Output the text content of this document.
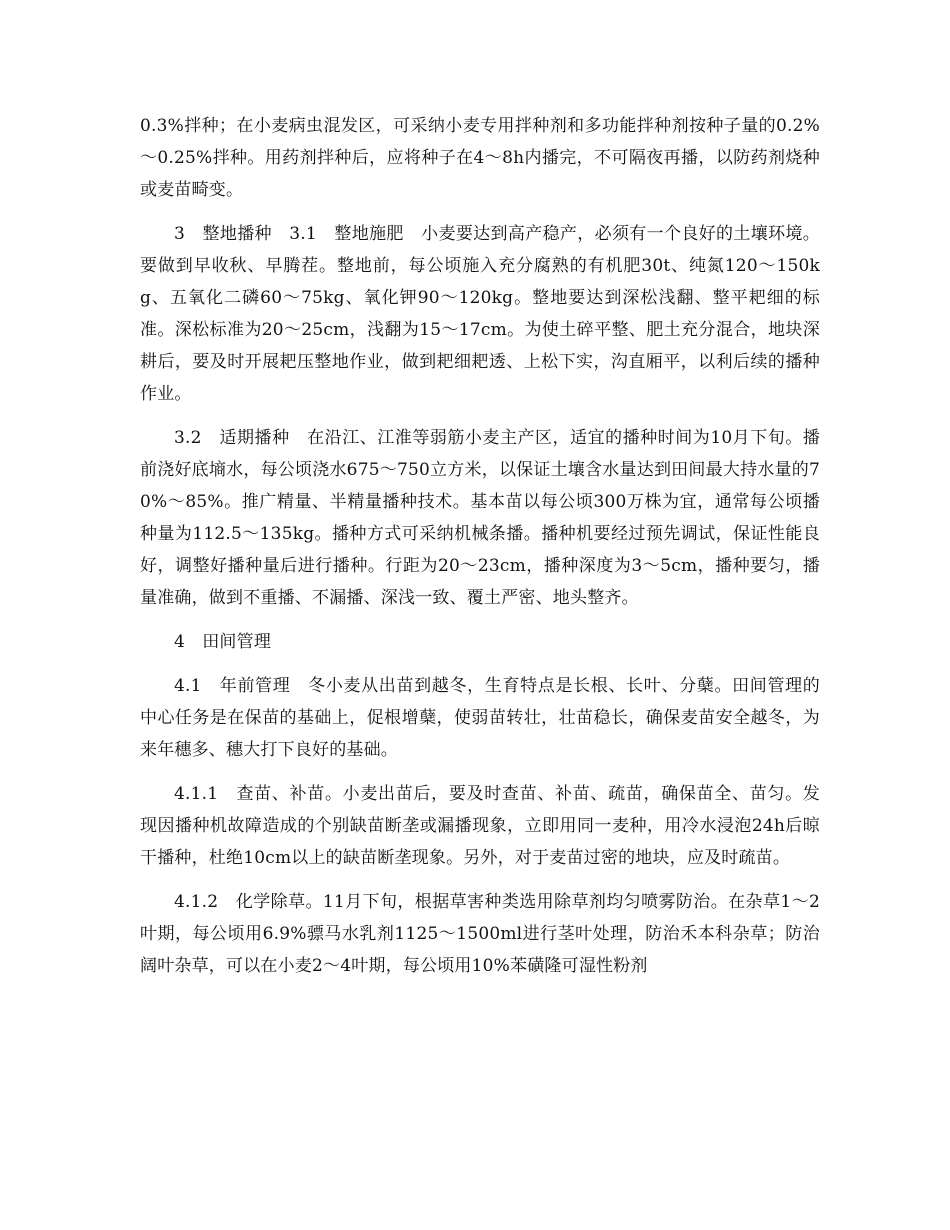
0.3%拌种；在小麦病虫混发区，可采纳小麦专用拌种剂和多功能拌种剂按种子量的0.2%～0.25%拌种。用药剂拌种后，应将种子在4～8h内播完，不可隔夜再播，以防药剂烧种或麦苗畸变。

3　整地播种　3.1　整地施肥　小麦要达到高产稳产，必须有一个良好的土壤环境。要做到早收秋、早腾茬。整地前，每公顷施入充分腐熟的有机肥30t、纯氮120～150kg、五氧化二磷60～75kg、氧化钾90～120kg。整地要达到深松浅翻、整平耙细的标准。深松标准为20～25cm，浅翻为15～17cm。为使土碎平整、肥土充分混合，地块深耕后，要及时开展耙压整地作业，做到耙细耙透、上松下实，沟直厢平，以利后续的播种作业。

3.2　适期播种　在沿江、江淮等弱筋小麦主产区，适宜的播种时间为10月下旬。播前浇好底墒水，每公顷浇水675～750立方米，以保证土壤含水量达到田间最大持水量的70%～85%。推广精量、半精量播种技术。基本苗以每公顷300万株为宜，通常每公顷播种量为112.5～135kg。播种方式可采纳机械条播。播种机要经过预先调试，保证性能良好，调整好播种量后进行播种。行距为20～23cm，播种深度为3～5cm，播种要匀，播量准确，做到不重播、不漏播、深浅一致、覆土严密、地头整齐。

4　田间管理

4.1　年前管理　冬小麦从出苗到越冬，生育特点是长根、长叶、分蘖。田间管理的中心任务是在保苗的基础上，促根增蘖，使弱苗转壮，壮苗稳长，确保麦苗安全越冬，为来年穗多、穗大打下良好的基础。

4.1.1　查苗、补苗。小麦出苗后，要及时查苗、补苗、疏苗，确保苗全、苗匀。发现因播种机故障造成的个别缺苗断垄或漏播现象，立即用同一麦种，用冷水浸泡24h后晾干播种，杜绝10cm以上的缺苗断垄现象。另外，对于麦苗过密的地块，应及时疏苗。

4.1.2　化学除草。11月下旬，根据草害种类选用除草剂均匀喷雾防治。在杂草1～2叶期，每公顷用6.9%骠马水乳剂1125～1500ml进行茎叶处理，防治禾本科杂草；防治阔叶杂草，可以在小麦2～4叶期，每公顷用10%苯磺隆可湿性粉剂
